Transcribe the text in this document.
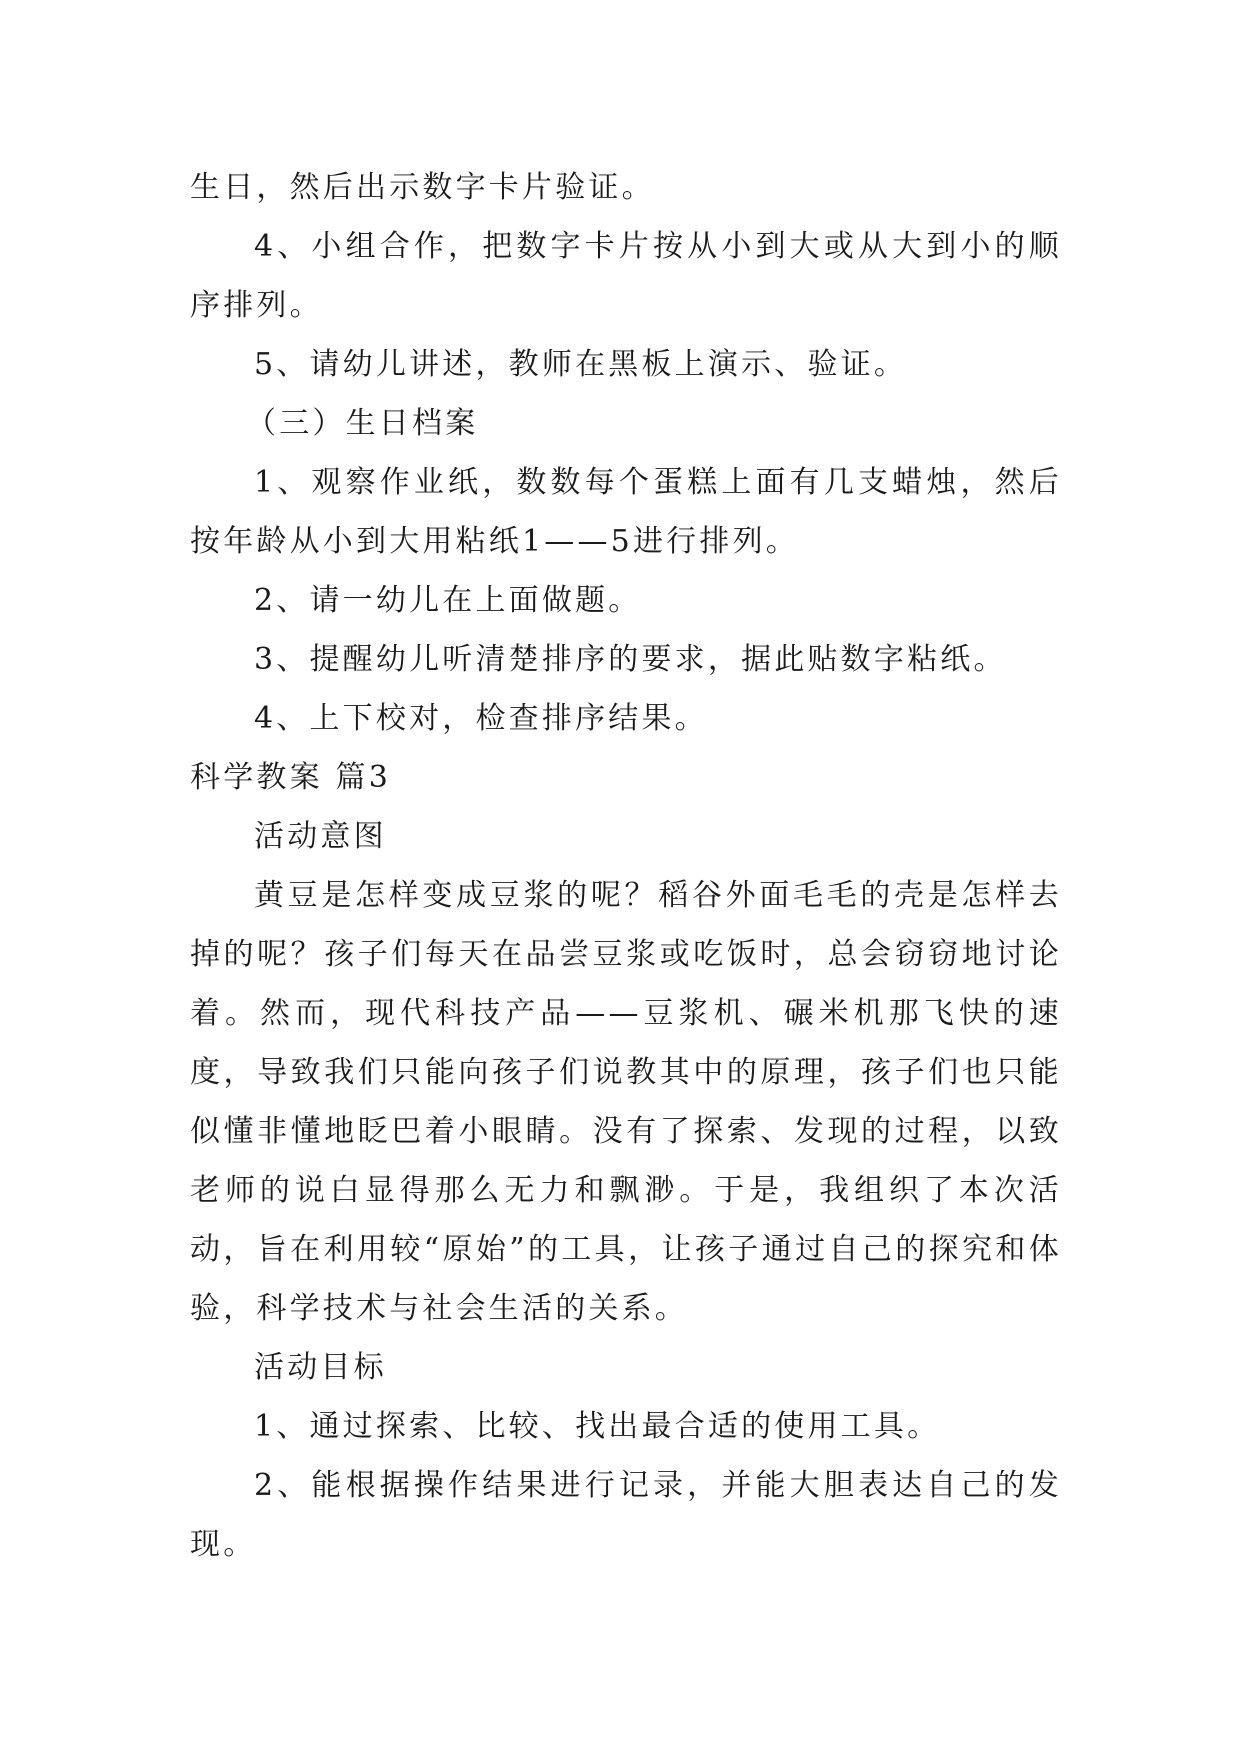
生日，然后出示数字卡片验证。

4、小组合作，把数字卡片按从小到大或从大到小的顺序排列。

5、请幼儿讲述，教师在黑板上演示、验证。

（三）生日档案

1、观察作业纸，数数每个蛋糕上面有几支蜡烛，然后按年龄从小到大用粘纸1——5进行排列。

2、请一幼儿在上面做题。

3、提醒幼儿听清楚排序的要求，据此贴数字粘纸。

4、上下校对，检查排序结果。

科学教案 篇3

活动意图

黄豆是怎样变成豆浆的呢？稻谷外面毛毛的壳是怎样去掉的呢？孩子们每天在品尝豆浆或吃饭时，总会窃窃地讨论着。然而，现代科技产品——豆浆机、碾米机那飞快的速度，导致我们只能向孩子们说教其中的原理，孩子们也只能似懂非懂地眨巴着小眼睛。没有了探索、发现的过程，以致老师的说白显得那么无力和飘渺。于是，我组织了本次活动，旨在利用较“原始”的工具，让孩子通过自己的探究和体验，科学技术与社会生活的关系。

活动目标

1、通过探索、比较、找出最合适的使用工具。

2、能根据操作结果进行记录，并能大胆表达自己的发现。
